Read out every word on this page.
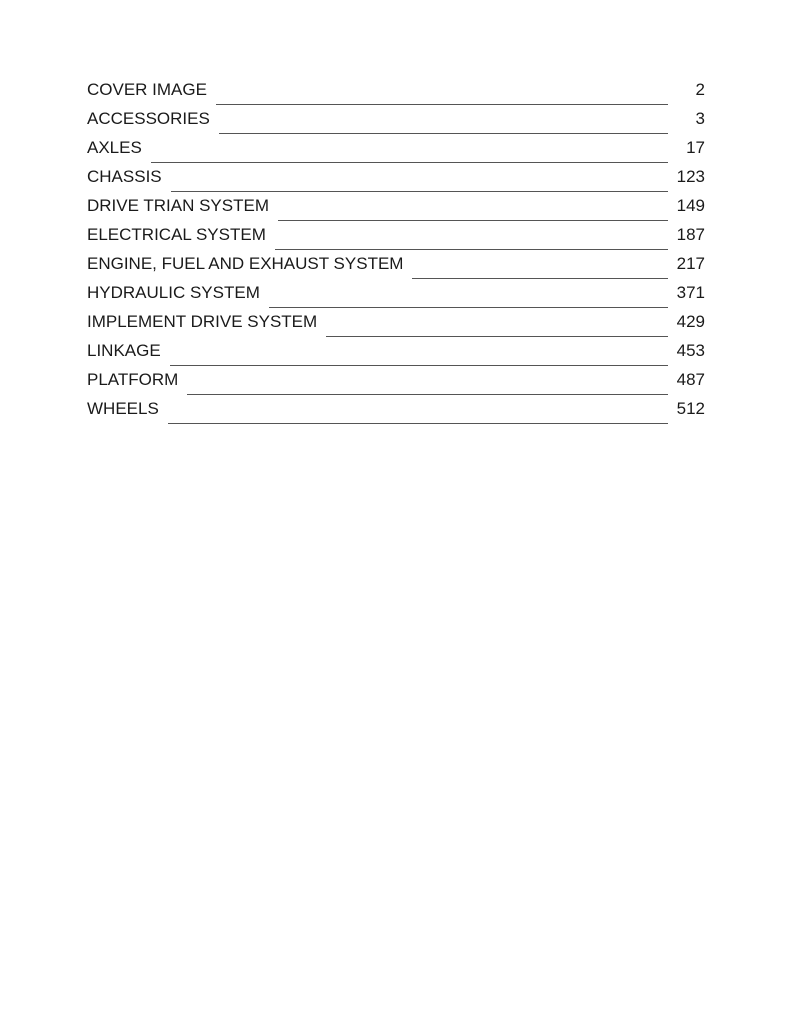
COVER IMAGE	2
ACCESSORIES	3
AXLES	17
CHASSIS	123
DRIVE TRIAN SYSTEM	149
ELECTRICAL SYSTEM	187
ENGINE, FUEL AND EXHAUST SYSTEM	217
HYDRAULIC SYSTEM	371
IMPLEMENT DRIVE SYSTEM	429
LINKAGE	453
PLATFORM	487
WHEELS	512
